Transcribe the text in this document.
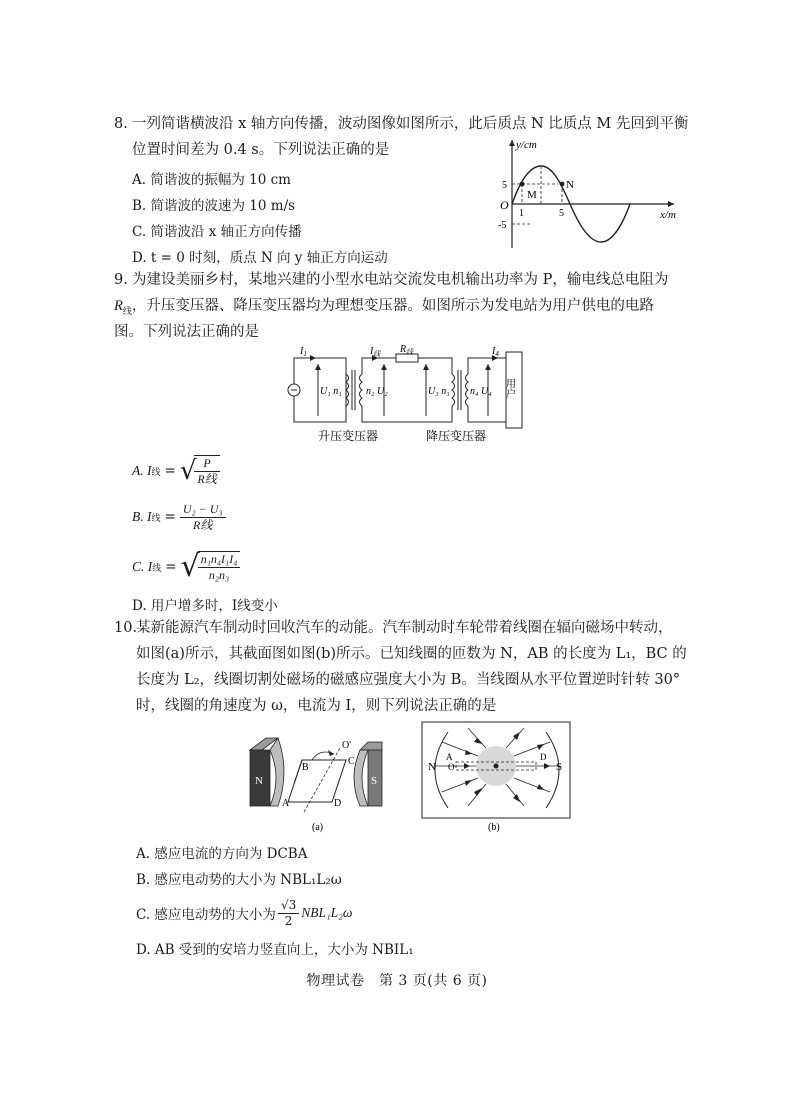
8. 一列简谐横波沿 x 轴方向传播，波动图像如图所示，此后质点 N 比质点 M 先回到平衡
位置时间差为 0.4 s。下列说法正确的是
A. 简谐波的振幅为 10 cm
B. 简谐波的波速为 10 m/s
C. 简谐波沿 x 轴正方向传播
D. t = 0 时刻，质点 N 向 y 轴正方向运动
y/cm
x/m
O
5
-5
1	5
M
N
9. 为建设美丽乡村，某地兴建的小型水电站交流发电机输出功率为 P，输电线总电阻为
$R_线$，升压变压器、降压变压器均为理想变压器。如图所示为发电站为用户供电的电路
图。下列说法正确的是
$I_1$	$I_线$ $R_线$	$I_4$
U₁ n₁ n₂ U₂	U₃ n₃ n₄ U₄ 用户
升压变压器	降压变压器
A. I 线 = √
$\frac{P}{\text{R线}}$
B. I 线 = $\frac{\text{U₂ − U₃}}{\text{R线}}$
C. I 线 = √
$\frac{\text{n₁n₄I₁I₄}}{\text{n₂n₃}}$
D. 用户增多时，I线变小
10.
某新能源汽车制动时回收汽车的动能。汽车制动时车轮带着线圈在辐向磁场中转动，
如图(a)所示，其截面图如图(b)所示。已知线圈的匝数为 N，AB 的长度为 L₁，BC 的
长度为 L₂，线圈切割处磁场的磁感应强度大小为 B。当线圈从水平位置逆时针转 30°
时，线圈的角速度为 ω，电流为 I，则下列说法正确的是
N	S
A
B
C
D
O'
(a)
N	S
A	D
O
(b)
A. 感应电流的方向为 DCBA
B. 感应电动势的大小为 NBL₁L₂ω
C. 感应电动势的大小为 $\frac{√3}{2} NBL_1L_2\omega$
D. AB 受到的安培力竖直向上，大小为 NBIL₁
物理试卷　第 3 页(共 6 页)
